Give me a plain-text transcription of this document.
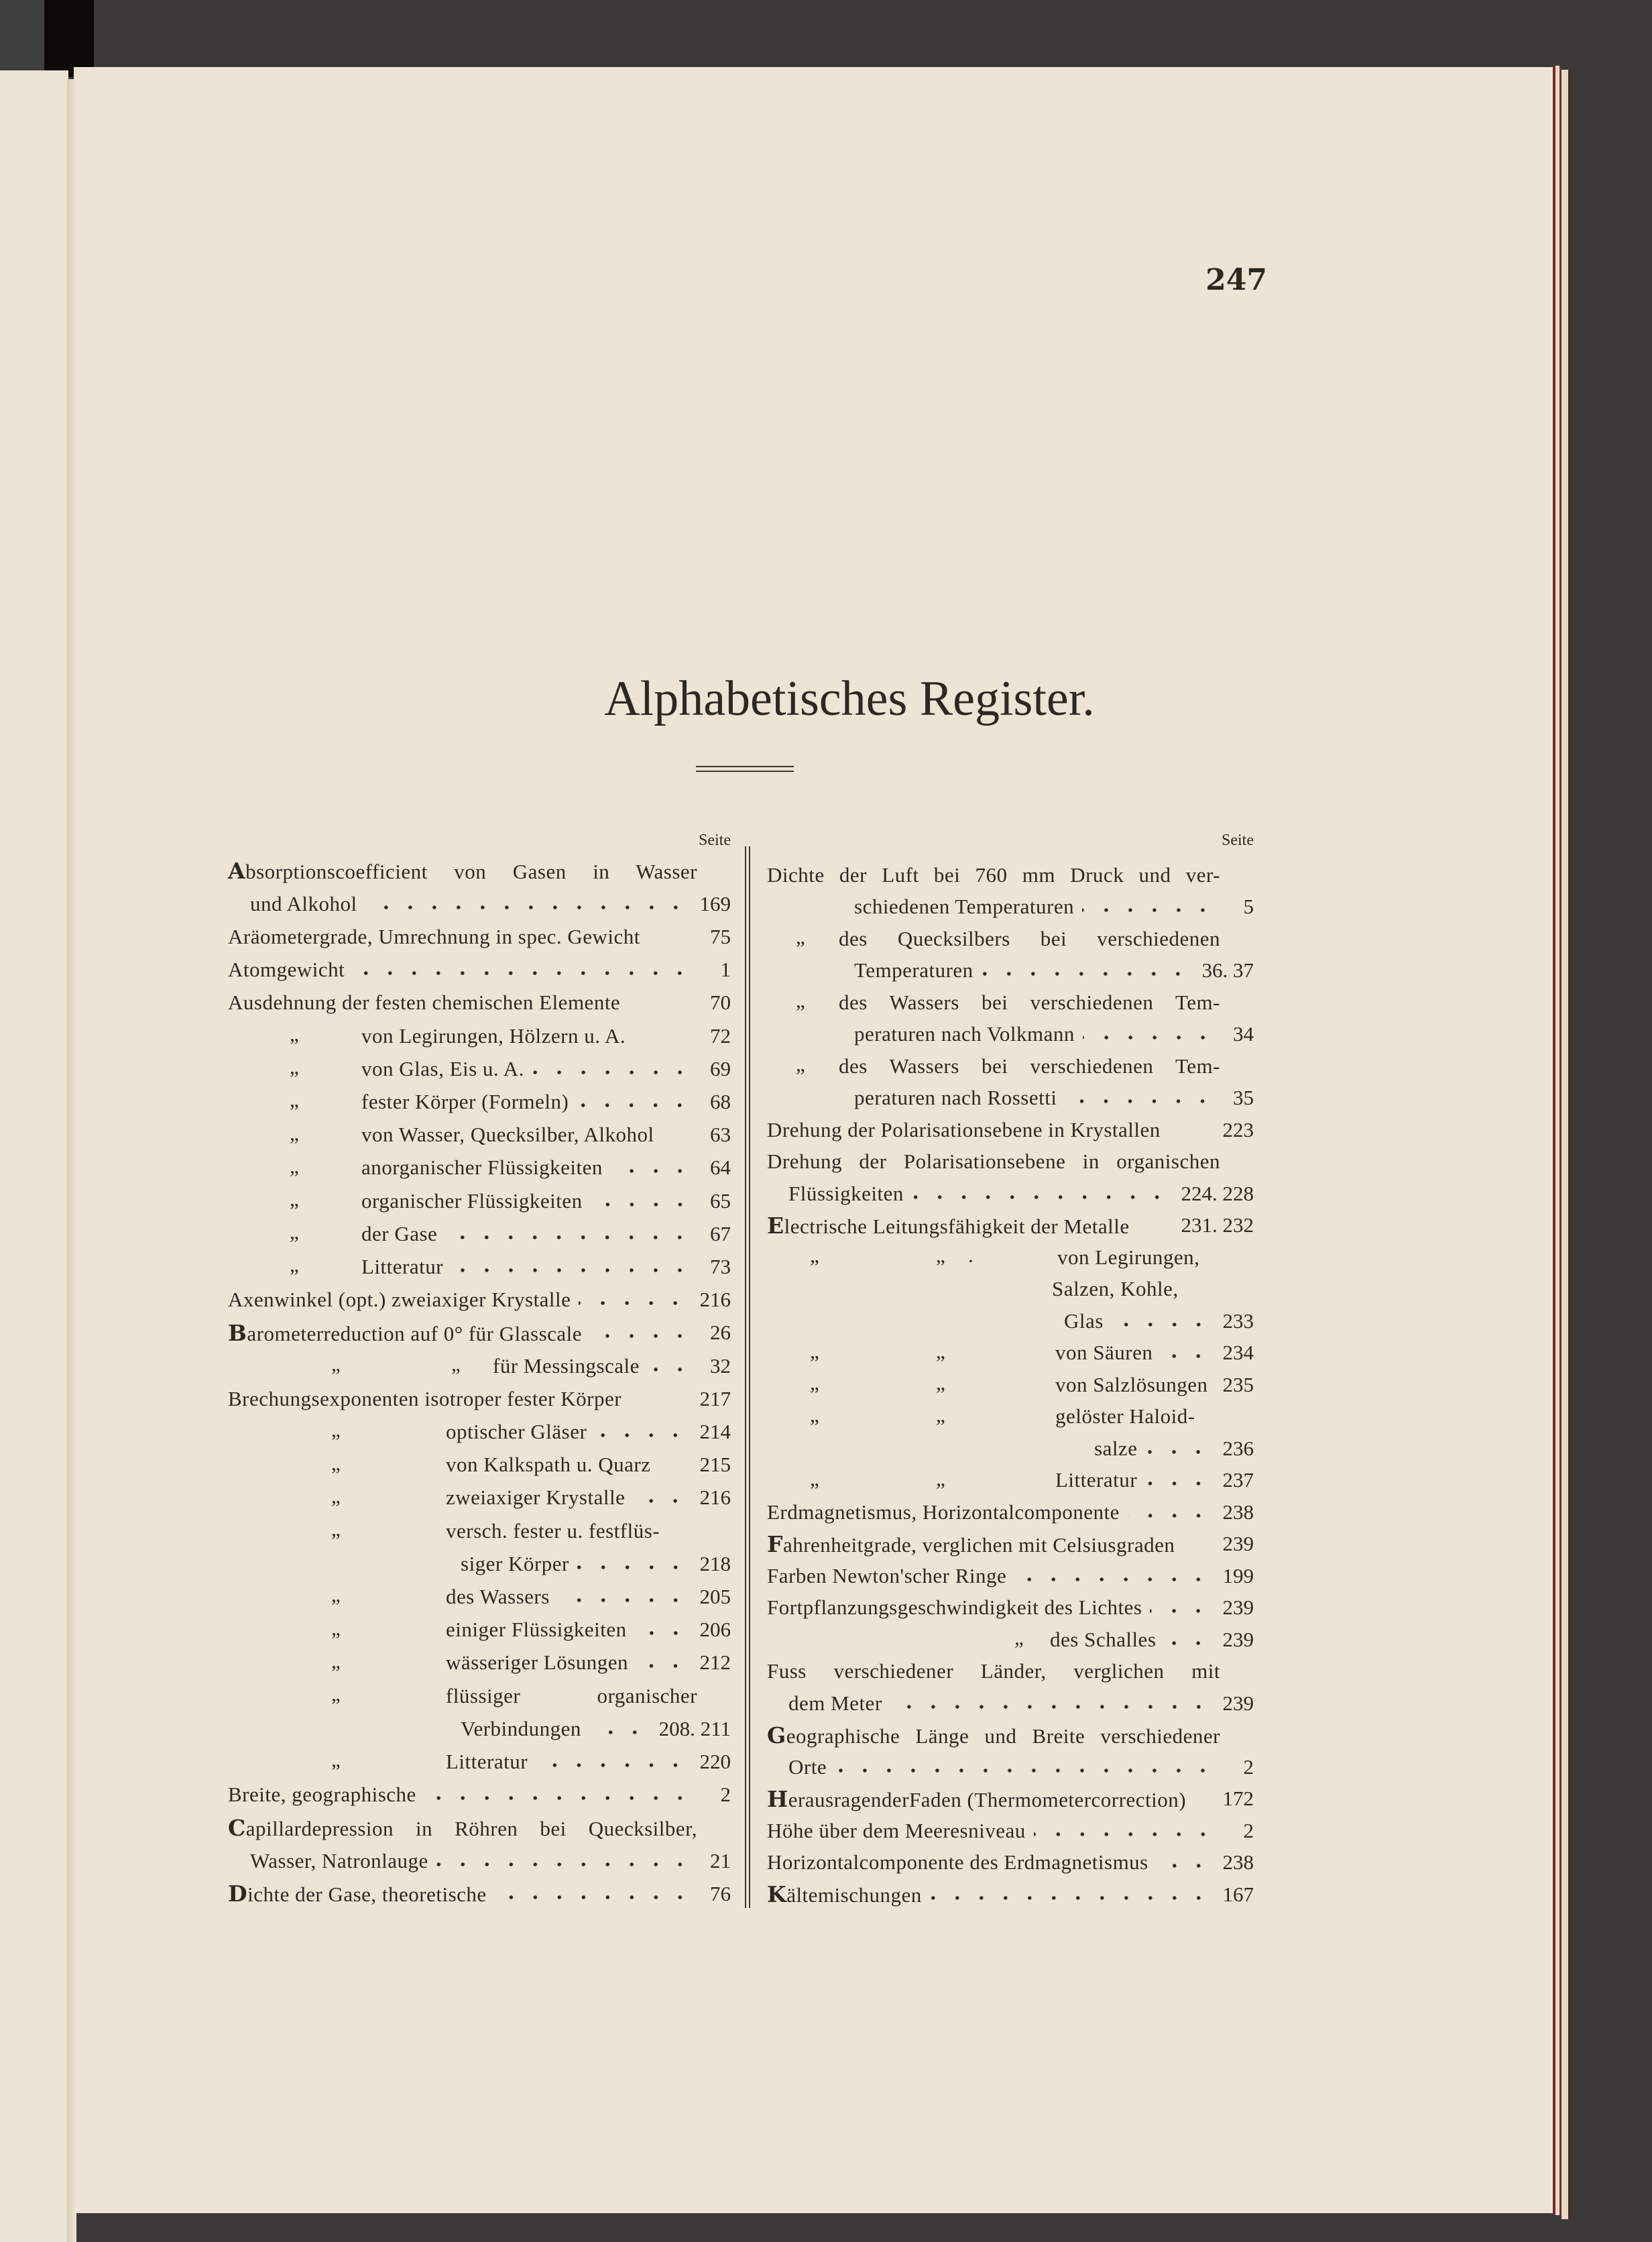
247
Alphabetisches Register.
Seite	Seite
Absorptionscoefficient von Gasen in Wasser
und Alkohol	169
Aräometergrade, Umrechnung in spec. Gewicht	75
Atomgewicht	1
Ausdehnung der festen chemischen Elemente	70
„	von Legirungen, Hölzern u. A.	72
„	von Glas, Eis u. A.	69
„	fester Körper (Formeln)	68
„	von Wasser, Quecksilber, Alkohol	63
„	anorganischer Flüssigkeiten	64
„	organischer Flüssigkeiten	65
„	der Gase	67
„	Litteratur	73
Axenwinkel (opt.) zweiaxiger Krystalle	216
Barometerreduction auf 0° für Glasscale	26
„	„ für Messingscale	32
Brechungsexponenten isotroper fester Körper	217
„	optischer Gläser	214
„	von Kalkspath u. Quarz 215
„	zweiaxiger Krystalle	216
„	versch. fester u. festflüs-
siger Körper	218
„	des Wassers	205
„	einiger Flüssigkeiten	206
„	wässeriger Lösungen	212
„	flüssiger organischer
Verbindungen	208. 211
„	Litteratur	220
Breite, geographische	2
Capillardepression in Röhren bei Quecksilber,
Wasser, Natronlauge	21
Dichte der Gase, theoretische	76
Dichte der Luft bei 760 mm Druck und ver-
schiedenen Temperaturen	5
„ des Quecksilbers bei verschiedenen
Temperaturen	36. 37
„ des Wassers bei verschiedenen Tem-
peraturen nach Volkmann	34
„ des Wassers bei verschiedenen Tem-
peraturen nach Rossetti	35
Drehung der Polarisationsebene in Krystallen	223
Drehung der Polarisationsebene in organischen
Flüssigkeiten	224. 228
Electrische Leitungsfähigkeit der Metalle 231. 232
„	„ .	von Legirungen,
Salzen, Kohle,
Glas	233
„	„	von Säuren	234
„	„	von Salzlösungen 235
„	„	gelöster Haloid-
salze	236
„	„	Litteratur	237
Erdmagnetismus, Horizontalcomponente	238
Fahrenheitgrade, verglichen mit Celsiusgraden 239
Farben Newton'scher Ringe	199
Fortpflanzungsgeschwindigkeit des Lichtes	239
„ des Schalles	239
Fuss verschiedener Länder, verglichen mit
dem Meter	239
Geographische Länge und Breite verschiedener
Orte	2
HerausragenderFaden (Thermometercorrection) 172
Höhe über dem Meeresniveau	2
Horizontalcomponente des Erdmagnetismus	238
Kältemischungen	167
